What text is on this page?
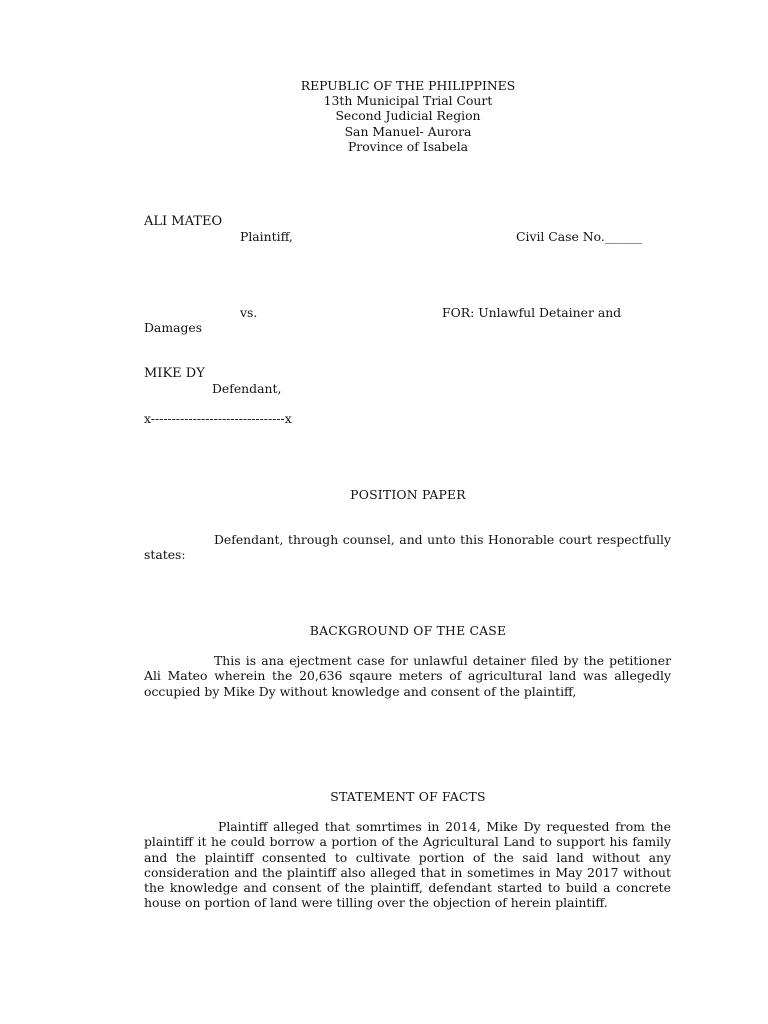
REPUBLIC OF THE PHILIPPINES
13th Municipal Trial Court
Second Judicial Region
San Manuel- Aurora
Province of Isabela
ALI MATEO
Plaintiff,	Civil Case No.______
vs.	FOR: Unlawful Detainer and
Damages
MIKE DY
Defendant,
x--------------------------------x
POSITION PAPER
Defendant, through counsel, and unto this Honorable court respectfully states:
BACKGROUND OF THE CASE
This is ana ejectment case for unlawful detainer filed by the petitioner Ali Mateo wherein the 20,636 sqaure meters of agricultural land was allegedly occupied by Mike Dy without knowledge and consent of the plaintiff,
STATEMENT OF FACTS
Plaintiff alleged that somrtimes in 2014, Mike Dy requested from the plaintiff it he could borrow a portion of the Agricultural Land to support his family and the plaintiff consented to cultivate portion of the said land without any consideration and the plaintiff also alleged that in sometimes in May 2017 without the knowledge and consent of the plaintiff, defendant started to build a concrete house on portion of land were tilling over the objection of herein plaintiff.
